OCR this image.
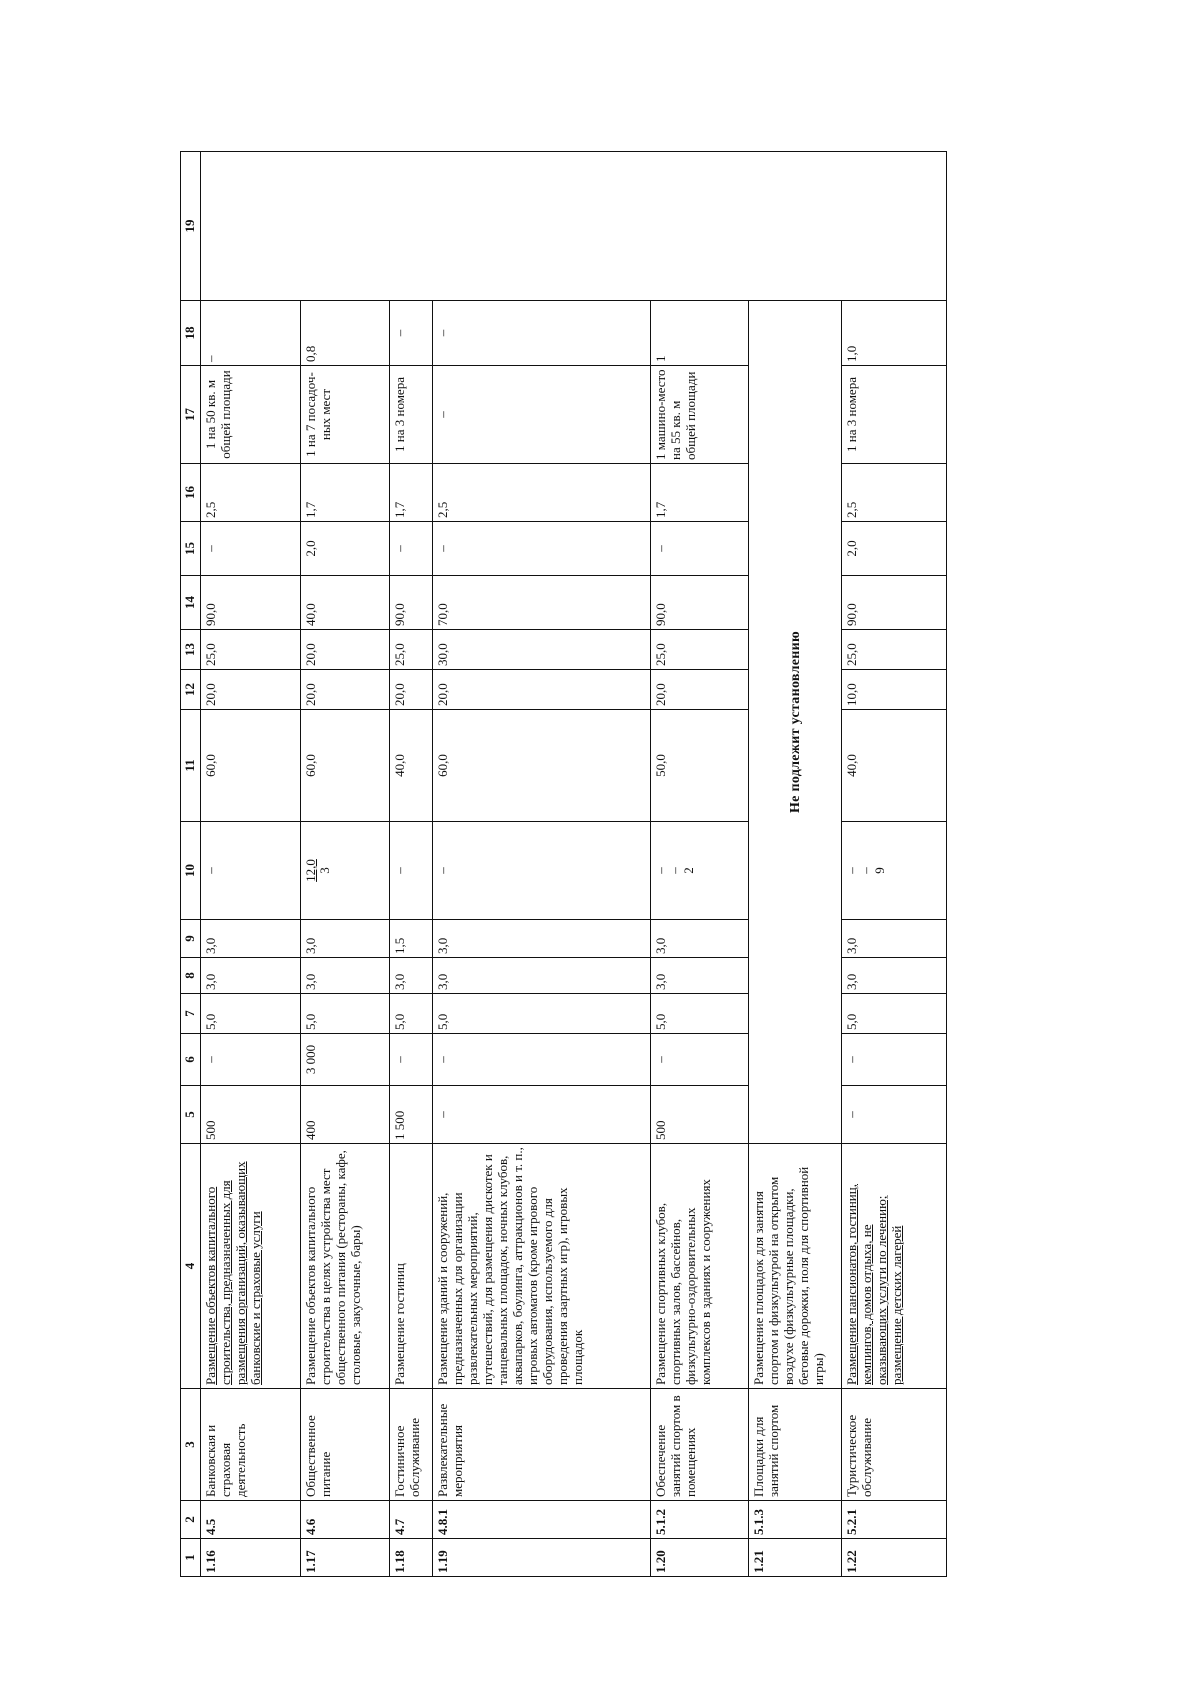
1	2	3	4	5	6	7	8	9	10	11	12	13	14	15	16	17	18	19
1.16	4.5	Банковская и страховая деятельность	Размещение объектов капитального строительства, предназначенных для размещения организаций, оказывающих банковские и страховые услуги	500	–	5,0	3,0	3,0	–	60,0	20,0	25,0	90,0	–	2,5	1 на 50 кв. м общей площади	–	
1.17	4.6	Общественное питание	Размещение объектов капитального строительства в целях устройства мест общественного питания (рестораны, кафе, столовые, закусочные, бары)	400	3 000	5,0	3,0	3,0	12,0 3	60,0	20,0	20,0	40,0	2,0	1,7	1 на 7 посадоч-ных мест	0,8	
1.18	4.7	Гостиничное обслуживание	Размещение гостиниц	1 500	–	5,0	3,0	1,5	–	40,0	20,0	25,0	90,0	–	1,7	1 на 3 номера	–	
1.19	4.8.1	Развлекательные мероприятия	Размещение зданий и сооружений, предназначенных для организации развлекательных мероприятий, путешествий, для размещения дискотек и танцевальных площадок, ночных клубов, аквапарков, боулинга, аттракционов и т. п., игровых автоматов (кроме игрового оборудования, используемого для проведения азартных игр), игровых площадок	–	–	5,0	3,0	3,0	–	60,0	20,0	30,0	70,0	–	2,5	–	–	
1.20	5.1.2	Обеспечение занятий спортом в помещениях	Размещение спортивных клубов, спортивных залов, бассейнов, физкультурно-оздоровительных комплексов в зданиях и сооружениях	500	–	5,0	3,0	3,0	– – 2	50,0	20,0	25,0	90,0	–	1,7	1 машино-место на 55 кв. м общей площади	1	
1.21	5.1.3	Площадки для занятий спортом	Размещение площадок для занятия спортом и физкультурой на открытом воздухе (физкультурные площадки, беговые дорожки, поля для спортивной игры)	Не подлежит установлению														
1.22	5.2.1	Туристическое обслуживание	Размещение пансионатов, гостиниц, кемпингов, домов отдыха, не оказывающих услуги по лечению; размещение детских лагерей	–	–	5,0	3,0	3,0	– – 9	40,0	10,0	25,0	90,0	2,0	2,5	1 на 3 номера	1,0	
